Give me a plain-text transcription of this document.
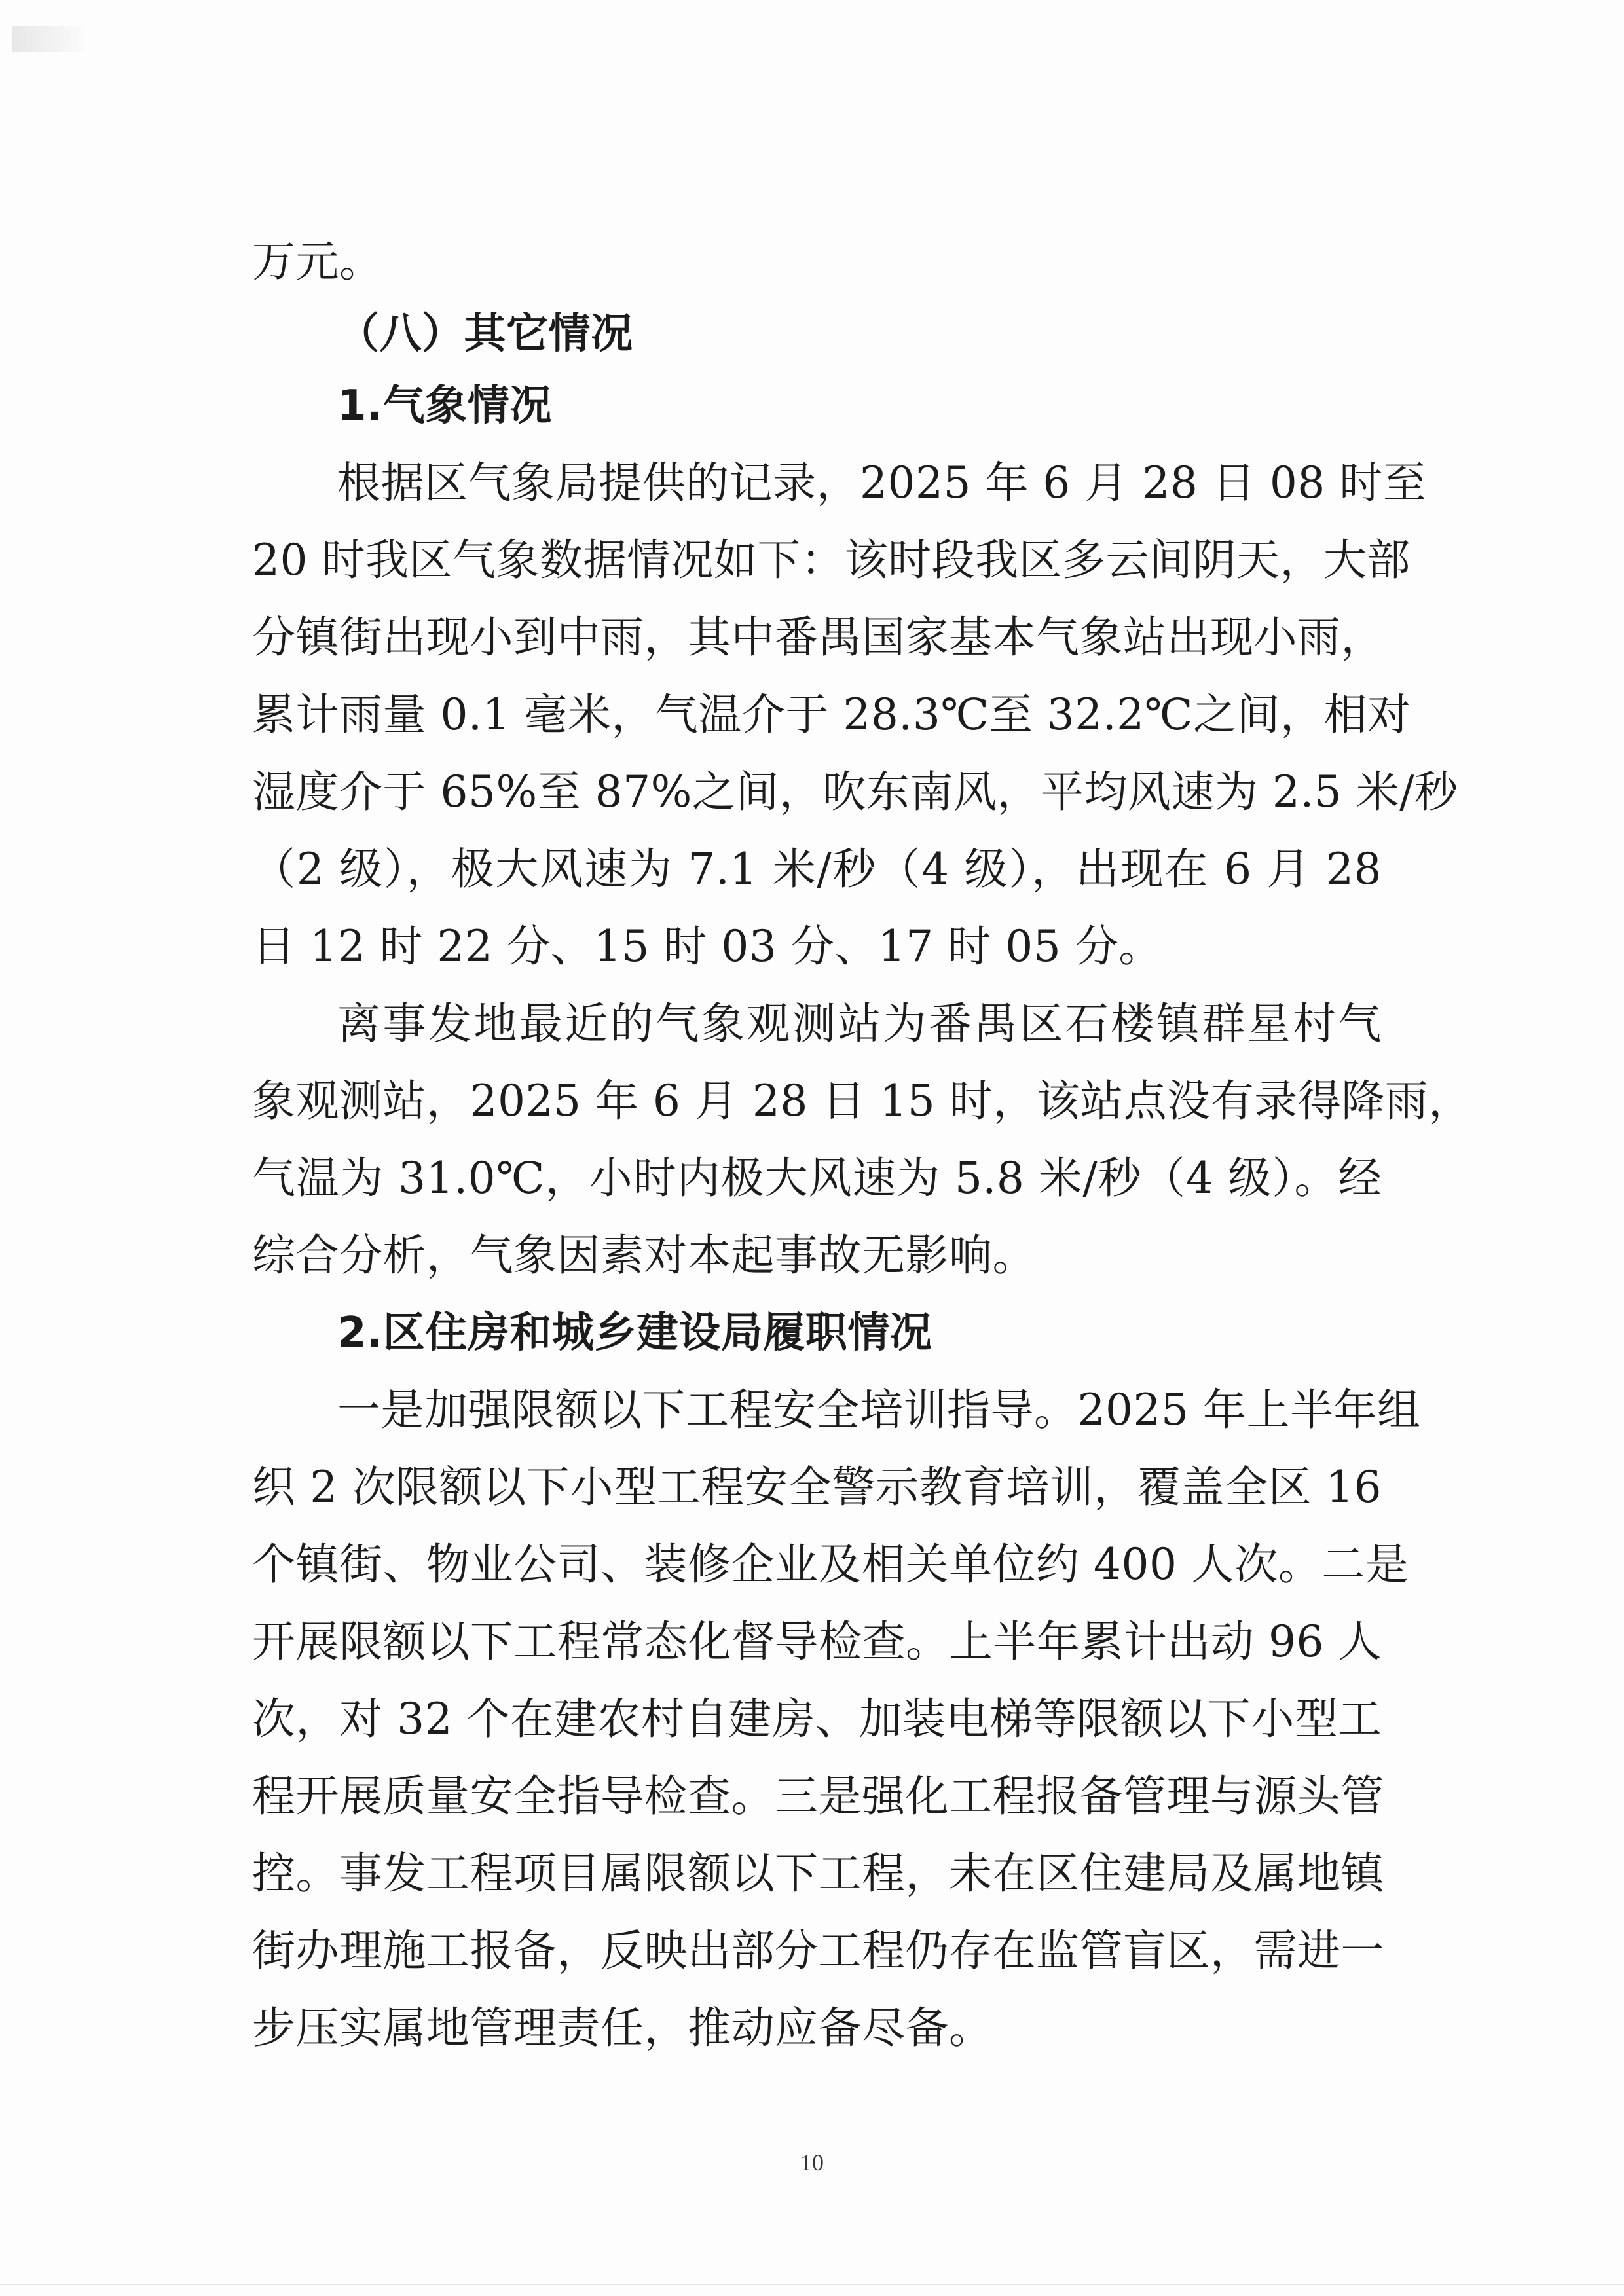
万元。
（八）其它情况
1.气象情况
根据区气象局提供的记录，2025 年 6 月 28 日 08 时至
20 时我区气象数据情况如下：该时段我区多云间阴天，大部
分镇街出现小到中雨，其中番禺国家基本气象站出现小雨，
累计雨量 0.1 毫米，气温介于 28.3℃至 32.2℃之间，相对
湿度介于 65%至 87%之间，吹东南风，平均风速为 2.5 米/秒
（2 级），极大风速为 7.1 米/秒（4 级），出现在 6 月 28
日 12 时 22 分、15 时 03 分、17 时 05 分。
离事发地最近的气象观测站为番禺区石楼镇群星村气
象观测站，2025 年 6 月 28 日 15 时，该站点没有录得降雨，
气温为 31.0℃，小时内极大风速为 5.8 米/秒（4 级）。经
综合分析，气象因素对本起事故无影响。
2.区住房和城乡建设局履职情况
一是加强限额以下工程安全培训指导。2025 年上半年组
织 2 次限额以下小型工程安全警示教育培训，覆盖全区 16
个镇街、物业公司、装修企业及相关单位约 400 人次。二是
开展限额以下工程常态化督导检查。上半年累计出动 96 人
次，对 32 个在建农村自建房、加装电梯等限额以下小型工
程开展质量安全指导检查。三是强化工程报备管理与源头管
控。事发工程项目属限额以下工程，未在区住建局及属地镇
街办理施工报备，反映出部分工程仍存在监管盲区，需进一
步压实属地管理责任，推动应备尽备。
10
